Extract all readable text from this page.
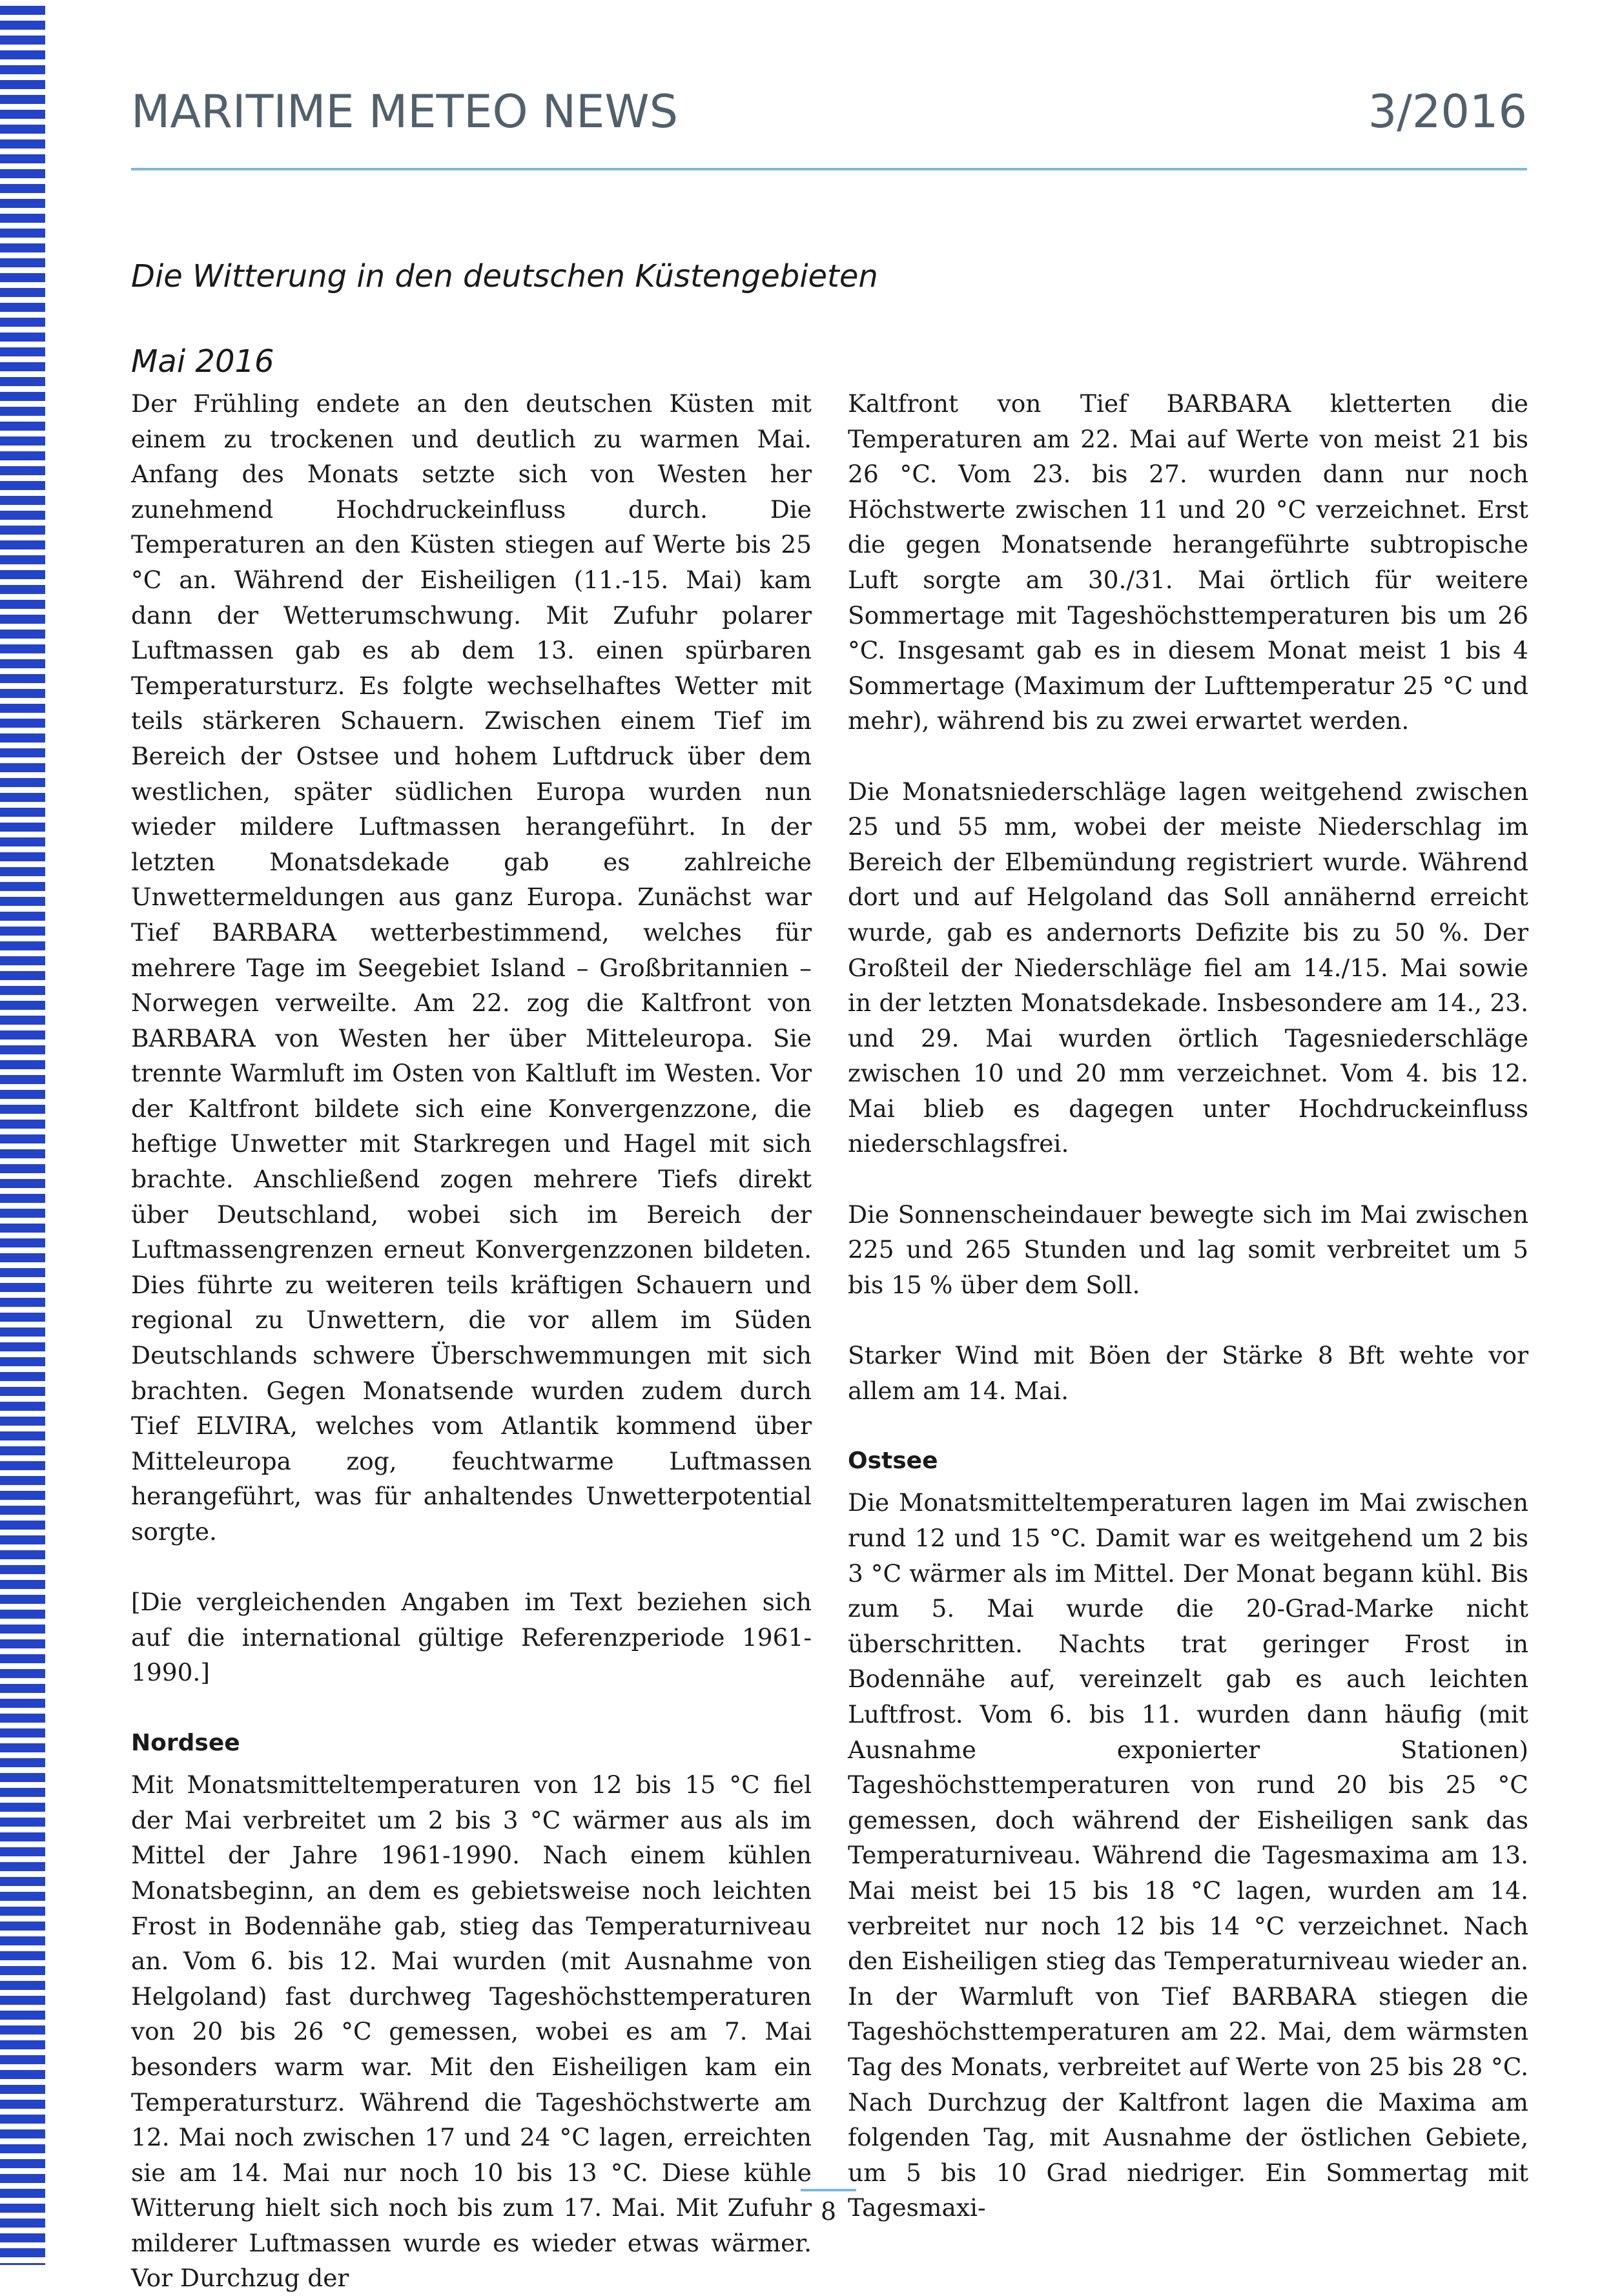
MARITIME METEO NEWS	3/2016
Die Witterung in den deutschen Küstengebieten
Mai 2016

Der Frühling endete an den deutschen Küsten mit einem zu trockenen und deutlich zu warmen Mai. Anfang des Monats setzte sich von Westen her zunehmend Hochdruckeinfluss durch. Die Temperaturen an den Küsten stiegen auf Werte bis 25 °C an. Während der Eisheiligen (11.-15. Mai) kam dann der Wetterumschwung. Mit Zufuhr polarer Luftmassen gab es ab dem 13. einen spürbaren Temperatursturz. Es folgte wechselhaftes Wetter mit teils stärkeren Schauern. Zwischen einem Tief im Bereich der Ostsee und hohem Luftdruck über dem westlichen, später südlichen Europa wurden nun wieder mildere Luftmassen herangeführt. In der letzten Monatsdekade gab es zahlreiche Unwettermeldungen aus ganz Europa. Zunächst war Tief BARBARA wetterbestimmend, welches für mehrere Tage im Seegebiet Island – Großbritannien – Norwegen verweilte. Am 22. zog die Kaltfront von BARBARA von Westen her über Mitteleuropa. Sie trennte Warmluft im Osten von Kaltluft im Westen. Vor der Kaltfront bildete sich eine Konvergenzzone, die heftige Unwetter mit Starkregen und Hagel mit sich brachte. Anschließend zogen mehrere Tiefs direkt über Deutschland, wobei sich im Bereich der Luftmassengrenzen erneut Konvergenzzonen bildeten. Dies führte zu weiteren teils kräftigen Schauern und regional zu Unwettern, die vor allem im Süden Deutschlands schwere Überschwemmungen mit sich brachten. Gegen Monatsende wurden zudem durch Tief ELVIRA, welches vom Atlantik kommend über Mitteleuropa zog, feuchtwarme Luftmassen herangeführt, was für anhaltendes Unwetterpotential sorgte.

[Die vergleichenden Angaben im Text beziehen sich auf die international gültige Referenzperiode 1961-1990.]

Nordsee

Mit Monatsmitteltemperaturen von 12 bis 15 °C fiel der Mai verbreitet um 2 bis 3 °C wärmer aus als im Mittel der Jahre 1961-1990. Nach einem kühlen Monatsbeginn, an dem es gebietsweise noch leichten Frost in Bodennähe gab, stieg das Temperaturniveau an. Vom 6. bis 12. Mai wurden (mit Ausnahme von Helgoland) fast durchweg Tageshöchsttemperaturen von 20 bis 26 °C gemessen, wobei es am 7. Mai besonders warm war. Mit den Eisheiligen kam ein Temperatursturz. Während die Tageshöchstwerte am 12. Mai noch zwischen 17 und 24 °C lagen, erreichten sie am 14. Mai nur noch 10 bis 13 °C. Diese kühle Witterung hielt sich noch bis zum 17. Mai. Mit Zufuhr milderer Luftmassen wurde es wieder etwas wärmer. Vor Durchzug der

Kaltfront von Tief BARBARA kletterten die Temperaturen am 22. Mai auf Werte von meist 21 bis 26 °C. Vom 23. bis 27. wurden dann nur noch Höchstwerte zwischen 11 und 20 °C verzeichnet. Erst die gegen Monatsende herangeführte subtropische Luft sorgte am 30./31. Mai örtlich für weitere Sommertage mit Tageshöchsttemperaturen bis um 26 °C. Insgesamt gab es in diesem Monat meist 1 bis 4 Sommertage (Maximum der Lufttemperatur 25 °C und mehr), während bis zu zwei erwartet werden.

Die Monatsniederschläge lagen weitgehend zwischen 25 und 55 mm, wobei der meiste Niederschlag im Bereich der Elbemündung registriert wurde. Während dort und auf Helgoland das Soll annähernd erreicht wurde, gab es andernorts Defizite bis zu 50 %. Der Großteil der Niederschläge fiel am 14./15. Mai sowie in der letzten Monatsdekade. Insbesondere am 14., 23. und 29. Mai wurden örtlich Tagesniederschläge zwischen 10 und 20 mm verzeichnet. Vom 4. bis 12. Mai blieb es dagegen unter Hochdruckeinfluss niederschlagsfrei.

Die Sonnenscheindauer bewegte sich im Mai zwischen 225 und 265 Stunden und lag somit verbreitet um 5 bis 15 % über dem Soll.

Starker Wind mit Böen der Stärke 8 Bft wehte vor allem am 14. Mai.

Ostsee

Die Monatsmitteltemperaturen lagen im Mai zwischen rund 12 und 15 °C. Damit war es weitgehend um 2 bis 3 °C wärmer als im Mittel. Der Monat begann kühl. Bis zum 5. Mai wurde die 20-Grad-Marke nicht überschritten. Nachts trat geringer Frost in Bodennähe auf, vereinzelt gab es auch leichten Luftfrost. Vom 6. bis 11. wurden dann häufig (mit Ausnahme exponierter Stationen) Tageshöchsttemperaturen von rund 20 bis 25 °C gemessen, doch während der Eisheiligen sank das Temperaturniveau. Während die Tagesmaxima am 13. Mai meist bei 15 bis 18 °C lagen, wurden am 14. verbreitet nur noch 12 bis 14 °C verzeichnet. Nach den Eisheiligen stieg das Temperaturniveau wieder an. In der Warmluft von Tief BARBARA stiegen die Tageshöchsttemperaturen am 22. Mai, dem wärmsten Tag des Monats, verbreitet auf Werte von 25 bis 28 °C. Nach Durchzug der Kaltfront lagen die Maxima am folgenden Tag, mit Ausnahme der östlichen Gebiete, um 5 bis 10 Grad niedriger. Ein Sommertag mit Tagesmaxi-

8
